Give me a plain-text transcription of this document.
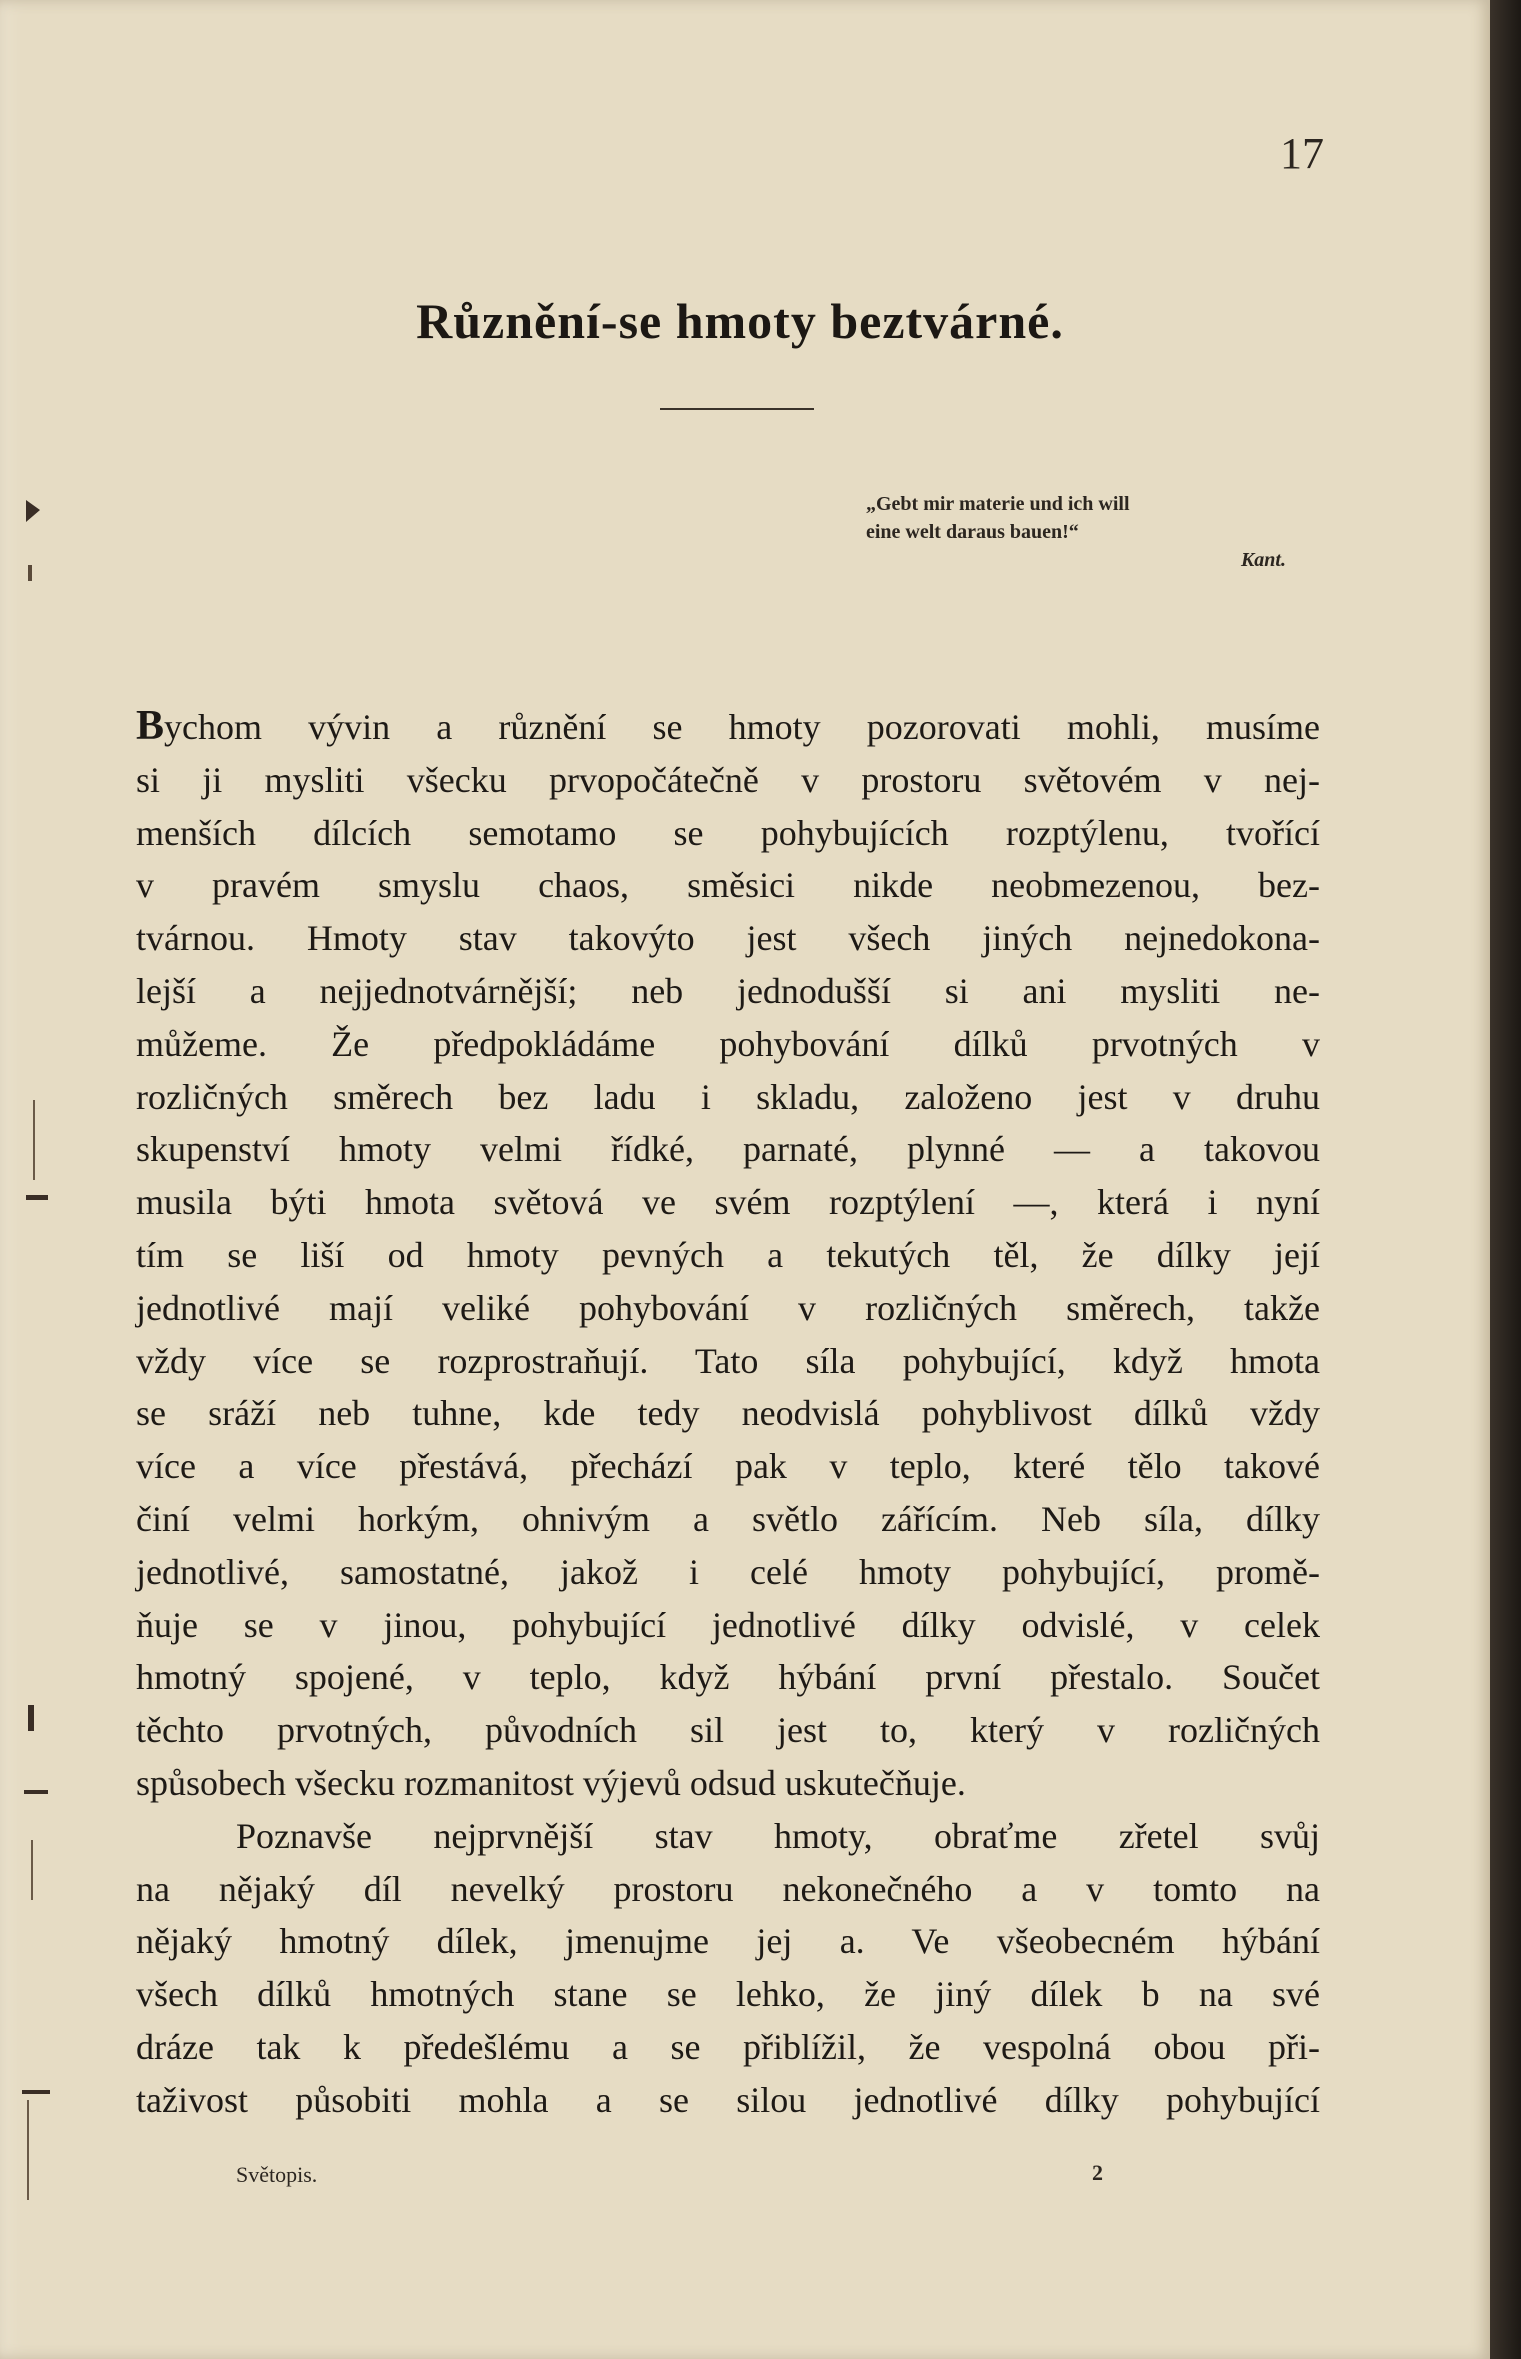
17
Různění-se hmoty beztvárné.
„Gebt mir materie und ich will
eine welt daraus bauen!“
Kant.
Bychom vývin a různění se hmoty pozorovati mohli, musíme
si ji mysliti všecku prvopočátečně v prostoru světovém v nej-
menších dílcích semotamo se pohybujících rozptýlenu, tvořící
v pravém smyslu chaos, směsici nikde neobmezenou, bez-
tvárnou. Hmoty stav takovýto jest všech jiných nejnedokona-
lejší a nejjednotvárnější; neb jednodušší si ani mysliti ne-
můžeme. Že předpokládáme pohybování dílků prvotných v
rozličných směrech bez ladu i skladu, založeno jest v druhu
skupenství hmoty velmi řídké, parnaté, plynné — a takovou
musila býti hmota světová ve svém rozptýlení —, která i nyní
tím se liší od hmoty pevných a tekutých těl, že dílky její
jednotlivé mají veliké pohybování v rozličných směrech, takže
vždy více se rozprostraňují. Tato síla pohybující, když hmota
se sráží neb tuhne, kde tedy neodvislá pohyblivost dílků vždy
více a více přestává, přechází pak v teplo, které tělo takové
činí velmi horkým, ohnivým a světlo zářícím. Neb síla, dílky
jednotlivé, samostatné, jakož i celé hmoty pohybující, promě-
ňuje se v jinou, pohybující jednotlivé dílky odvislé, v celek
hmotný spojené, v teplo, když hýbání první přestalo. Součet
těchto prvotných, původních sil jest to, který v rozličných
spůsobech všecku rozmanitost výjevů odsud uskutečňuje.
Poznavše nejprvnější stav hmoty, obraťme zřetel svůj
na nějaký díl nevelký prostoru nekonečného a v tomto na
nějaký hmotný dílek, jmenujme jej a. Ve všeobecném hýbání
všech dílků hmotných stane se lehko, že jiný dílek b na své
dráze tak k předešlému a se přiblížil, že vespolná obou při-
taživost působiti mohla a se silou jednotlivé dílky pohybující
Světopis.	2
